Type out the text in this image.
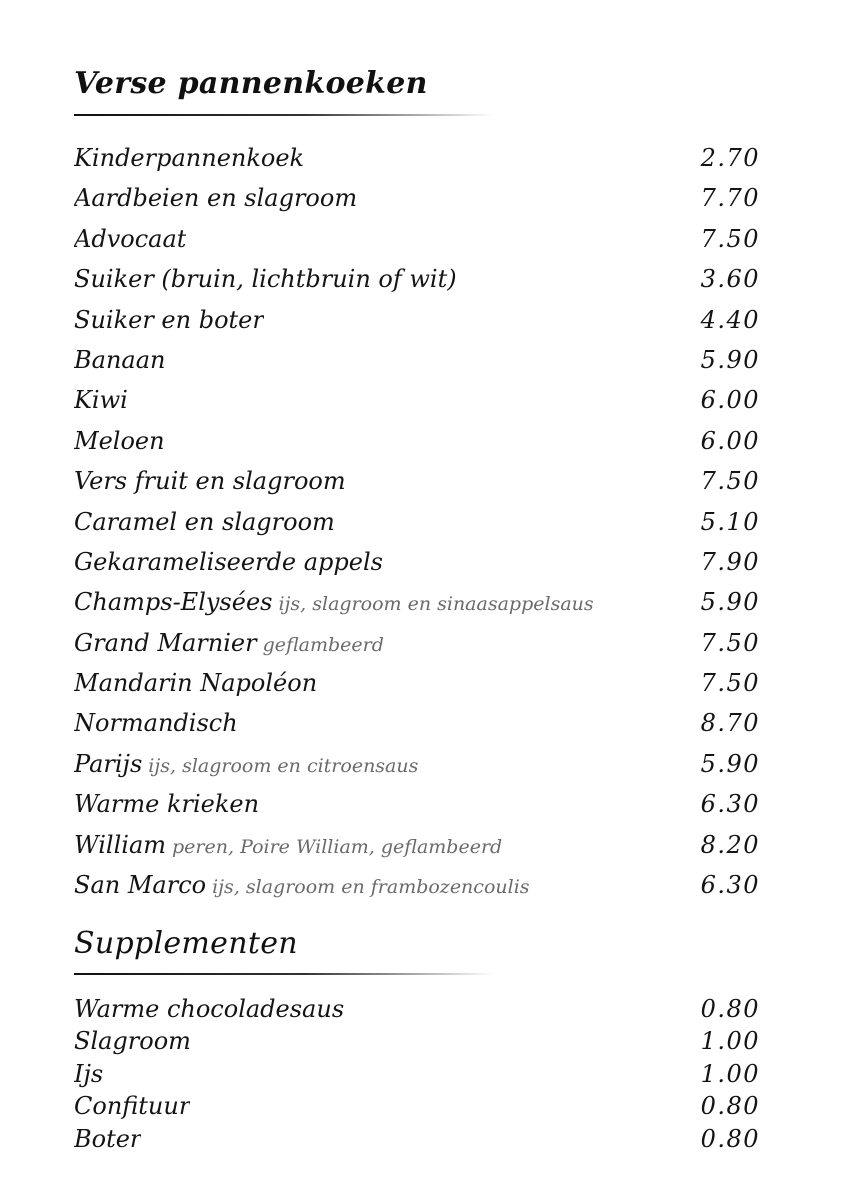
Verse pannenkoeken
Kinderpannenkoek	2.70
Aardbeien en slagroom	7.70
Advocaat	7.50
Suiker (bruin, lichtbruin of wit)	3.60
Suiker en boter	4.40
Banaan	5.90
Kiwi	6.00
Meloen	6.00
Vers fruit en slagroom	7.50
Caramel en slagroom	5.10
Gekarameliseerde appels	7.90
Champs-Elysées ijs, slagroom en sinaasappelsaus	5.90
Grand Marnier geflambeerd	7.50
Mandarin Napoléon	7.50
Normandisch	8.70
Parijs ijs, slagroom en citroensaus	5.90
Warme krieken	6.30
William peren, Poire William, geflambeerd	8.20
San Marco ijs, slagroom en frambozencoulis	6.30
Supplementen
Warme chocoladesaus	0.80
Slagroom	1.00
Ijs	1.00
Confituur	0.80
Boter	0.80
